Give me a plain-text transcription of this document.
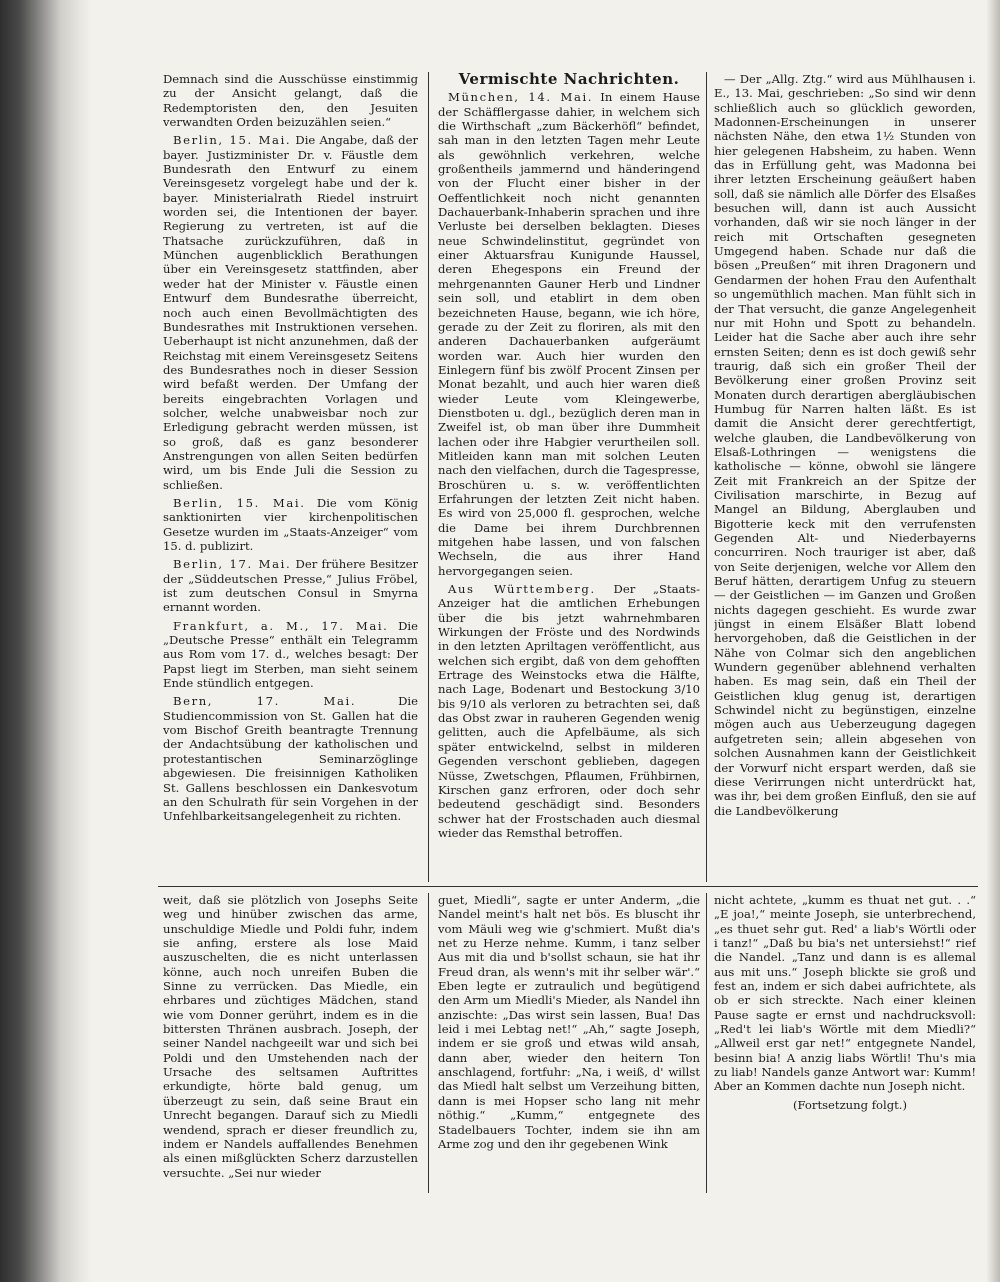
Demnach sind die Ausschüsse einstimmig zu der Ansicht gelangt, daß die Redemptoristen den, den Jesuiten verwandten Orden beizuzählen seien.“

Berlin, 15. Mai. Die Angabe, daß der bayer. Justizminister Dr. v. Fäustle dem Bundesrath den Entwurf zu einem Vereinsgesetz vorgelegt habe und der k. bayer. Ministerialrath Riedel instruirt worden sei, die Intentionen der bayer. Regierung zu vertreten, ist auf die Thatsache zurückzuführen, daß in München augenblicklich Berathungen über ein Vereinsgesetz stattfinden, aber weder hat der Minister v. Fäustle einen Entwurf dem Bundesrathe überreicht, noch auch einen Bevollmächtigten des Bundesrathes mit Instruktionen versehen. Ueberhaupt ist nicht anzunehmen, daß der Reichstag mit einem Vereinsgesetz Seitens des Bundesrathes noch in dieser Session wird befaßt werden. Der Umfang der bereits eingebrachten Vorlagen und solcher, welche unabweisbar noch zur Erledigung gebracht werden müssen, ist so groß, daß es ganz besonderer Anstrengungen von allen Seiten bedürfen wird, um bis Ende Juli die Session zu schließen.

Berlin, 15. Mai. Die vom König sanktionirten vier kirchenpolitischen Gesetze wurden im „Staats-Anzeiger“ vom 15. d. publizirt.

Berlin, 17. Mai. Der frühere Besitzer der „Süddeutschen Presse,“ Julius Fröbel, ist zum deutschen Consul in Smyrna ernannt worden.

Frankfurt, a. M., 17. Mai. Die „Deutsche Presse“ enthält ein Telegramm aus Rom vom 17. d., welches besagt: Der Papst liegt im Sterben, man sieht seinem Ende stündlich entgegen.

Bern, 17. Mai.	Die Studiencommission von St. Gallen hat die vom Bischof Greith beantragte Trennung der Andachtsübung der katholischen und protestantischen Seminarzöglinge abgewiesen. Die freisinnigen Katholiken St. Gallens beschlossen ein Dankesvotum an den Schulrath für sein Vorgehen in der Unfehlbarkeitsangelegenheit zu richten.

Vermischte Nachrichten.

München, 14. Mai. In einem Hause der Schäfflergasse dahier, in welchem sich die Wirthschaft „zum Bäckerhöfl“ befindet, sah man in den letzten Tagen mehr Leute als gewöhnlich verkehren, welche großentheils jammernd und händeringend von der Flucht einer bisher in der Oeffentlichkeit noch nicht genannten Dachauerbank-Inhaberin sprachen und ihre Verluste bei derselben beklagten. Dieses neue Schwindelinstitut, gegründet von einer Aktuarsfrau Kunigunde Haussel, deren Ehegespons ein Freund der mehrgenannten Gauner Herb und Lindner sein soll, und etablirt in dem oben bezeichneten Hause, begann, wie ich höre, gerade zu der Zeit zu floriren, als mit den anderen Dachauerbanken aufgeräumt worden war. Auch hier wurden den Einlegern fünf bis zwölf Procent Zinsen per Monat bezahlt, und auch hier waren dieß wieder Leute vom Kleingewerbe, Dienstboten u. dgl., bezüglich deren man in Zweifel ist, ob man über ihre Dummheit lachen oder ihre Habgier verurtheilen soll. Mitleiden kann man mit solchen Leuten nach den vielfachen, durch die Tagespresse, Broschüren u. s. w. veröffentlichten Erfahrungen der letzten Zeit nicht haben. Es wird von 25,000 fl. gesprochen, welche die Dame bei ihrem Durchbrennen mitgehen habe lassen, und von falschen Wechseln, die aus ihrer Hand hervorgegangen seien.

Aus Württemberg. Der „Staats-Anzeiger hat die amtlichen Erhebungen über die bis jetzt wahrnehmbaren Wirkungen der Fröste und des Nordwinds in den letzten Apriltagen veröffentlicht, aus welchen sich ergibt, daß von dem gehofften Ertrage des Weinstocks etwa die Hälfte, nach Lage, Bodenart und Bestockung 3/10 bis 9/10 als verloren zu betrachten sei, daß das Obst zwar in rauheren Gegenden wenig gelitten, auch die Apfelbäume, als sich später entwickelnd, selbst in milderen Gegenden verschont geblieben, dagegen Nüsse, Zwetschgen, Pflaumen, Frühbirnen, Kirschen ganz erfroren, oder doch sehr bedeutend geschädigt sind. Besonders schwer hat der Frostschaden auch diesmal wieder das Remsthal betroffen.

— Der „Allg. Ztg.“ wird aus Mühlhausen i. E., 13. Mai, geschrieben: „So sind wir denn schließlich auch so glücklich geworden, Madonnen-Erscheinungen in unserer nächsten Nähe, den etwa 1½ Stunden von hier gelegenen Habsheim, zu haben. Wenn das in Erfüllung geht, was Madonna bei ihrer letzten Erscheinung geäußert haben soll, daß sie nämlich alle Dörfer des Elsaßes besuchen will, dann ist auch Aussicht vorhanden, daß wir sie noch länger in der reich mit Ortschaften gesegneten Umgegend haben. Schade nur daß die bösen „Preußen“ mit ihren Dragonern und Gendarmen der hohen Frau den Aufenthalt so ungemüthlich machen. Man fühlt sich in der That versucht, die ganze Angelegenheit nur mit Hohn und Spott zu behandeln. Leider hat die Sache aber auch ihre sehr ernsten Seiten; denn es ist doch gewiß sehr traurig, daß sich ein großer Theil der Bevölkerung einer großen Provinz seit Monaten durch derartigen abergläubischen Humbug für Narren halten läßt. Es ist damit die Ansicht derer gerechtfertigt, welche glauben, die Landbevölkerung von Elsaß-Lothringen — wenigstens die katholische — könne, obwohl sie längere Zeit mit Frankreich an der Spitze der Civilisation marschirte, in Bezug auf Mangel an Bildung, Aberglauben und Bigotterie keck mit den verrufensten Gegenden Alt- und Niederbayerns concurriren. Noch trauriger ist aber, daß von Seite derjenigen, welche vor Allem den Beruf hätten, derartigem Unfug zu steuern — der Geistlichen — im Ganzen und Großen nichts dagegen geschieht. Es wurde zwar jüngst in einem Elsäßer Blatt lobend hervorgehoben, daß die Geistlichen in der Nähe von Colmar sich den angeblichen Wundern gegenüber ablehnend verhalten haben. Es mag sein, daß ein Theil der Geistlichen klug genug ist, derartigen Schwindel nicht zu begünstigen, einzelne mögen auch aus Ueberzeugung dagegen aufgetreten sein; allein abgesehen von solchen Ausnahmen kann der Geistlichkeit der Vorwurf nicht erspart werden, daß sie diese Verirrungen nicht unterdrückt hat, was ihr, bei dem großen Einfluß, den sie auf die Landbevölkerung

weit, daß sie plötzlich von Josephs Seite weg und hinüber zwischen das arme, unschuldige Miedle und Poldi fuhr, indem sie anfing, erstere als lose Maid auszuschelten, die es nicht unterlassen könne, auch noch unreifen Buben die Sinne zu verrücken. Das Miedle, ein ehrbares und züchtiges Mädchen, stand wie vom Donner gerührt, indem es in die bittersten Thränen ausbrach. Joseph, der seiner Nandel nachgeeilt war und sich bei Poldi und den Umstehenden nach der Ursache des seltsamen Auftrittes erkundigte, hörte bald genug, um überzeugt zu sein, daß seine Braut ein Unrecht begangen. Darauf sich zu Miedli wendend, sprach er dieser freundlich zu, indem er Nandels auffallendes Benehmen als einen mißglückten Scherz darzustellen versuchte. „Sei nur wieder

guet, Miedli“, sagte er unter Anderm, „die Nandel meint's halt net bös. Es bluscht ihr vom Mäuli weg wie g'schmiert. Mußt dia's net zu Herze nehme. Kumm, i tanz selber Aus mit dia und b'sollst schaun, sie hat ihr Freud dran, als wenn's mit ihr selber wär'.“ Eben legte er zutraulich und begütigend den Arm um Miedli's Mieder, als Nandel ihn anzischte: „Das wirst sein lassen, Bua! Das leid i mei Lebtag net!“ „Ah,“ sagte Joseph, indem er sie groß und etwas wild ansah, dann aber, wieder den heitern Ton anschlagend, fortfuhr: „Na, i weiß, d' willst das Miedl halt selbst um Verzeihung bitten, dann is mei Hopser scho lang nit mehr nöthig.“ „Kumm,“ entgegnete des Stadelbauers Tochter, indem sie ihn am Arme zog und den ihr gegebenen Wink

nicht achtete, „kumm es thuat net gut. . .“ „E joa!,“ meinte Joseph, sie unterbrechend, „es thuet sehr gut. Red' a liab's Wörtli oder i tanz!“ „Daß bu bia's net untersiehst!“ rief die Nandel. „Tanz und dann is es allemal aus mit uns.“ Joseph blickte sie groß und fest an, indem er sich dabei aufrichtete, als ob er sich streckte. Nach einer kleinen Pause sagte er ernst und nachdrucksvoll: „Red't lei liab's Wörtle mit dem Miedli?“ „Allweil erst gar net!“ entgegnete Nandel, besinn bia! A anzig liabs Wörtli! Thu's mia zu liab! Nandels ganze Antwort war: Kumm! Aber an Kommen dachte nun Joseph nicht.

(Fortsetzung folgt.)
